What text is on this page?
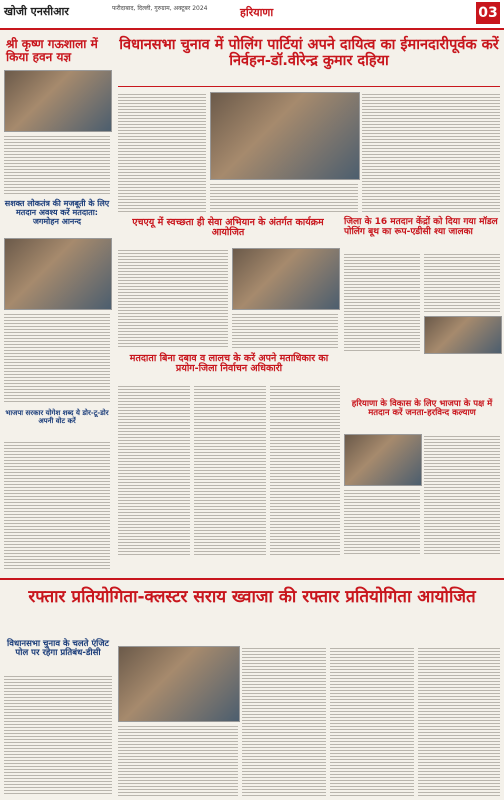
खोजी एनसीआर	फरीदाबाद, दिल्ली, गुरुग्राम, अक्टूबर 2024	हरियाणा	03
श्री कृष्ण गऊशाला में किया हवन यज्ञ
विधानसभा चुनाव में पोलिंग पार्टियां अपने दायित्व का ईमानदारीपूर्वक करें निर्वहन-डॉ.वीरेन्द्र कुमार दहिया
सशक्त लोकतंत्र की मजबूती के लिए मतदान अवश्य करें मतदाता: जगमोहन आनन्द	एचएयू में स्वच्छता ही सेवा अभियान के अंतर्गत कार्यक्रम आयोजित
जिला के 16 मतदान केंद्रों को दिया गया मॉडल पोलिंग बूथ का रूप-एडीसी श्या जालका
भाजपा सरकार योगेश शब्द ये डोर-टू-डोर अपनी वोट करें
मतदाता बिना दबाव व लालच के करें अपने मताधिकार का प्रयोग-जिला निर्वाचन अधिकारी
हरियाणा के विकास के लिए भाजपा के पक्ष में मतदान करें जनता-हरविन्द कल्याण
रफ्तार प्रतियोगिता-क्लस्टर सराय ख्वाजा की रफ्तार प्रतियोगिता आयोजित
विधानसभा चुनाव के चलते एंजिट पोल पर रहेगा प्रतिबंध-डीसी
